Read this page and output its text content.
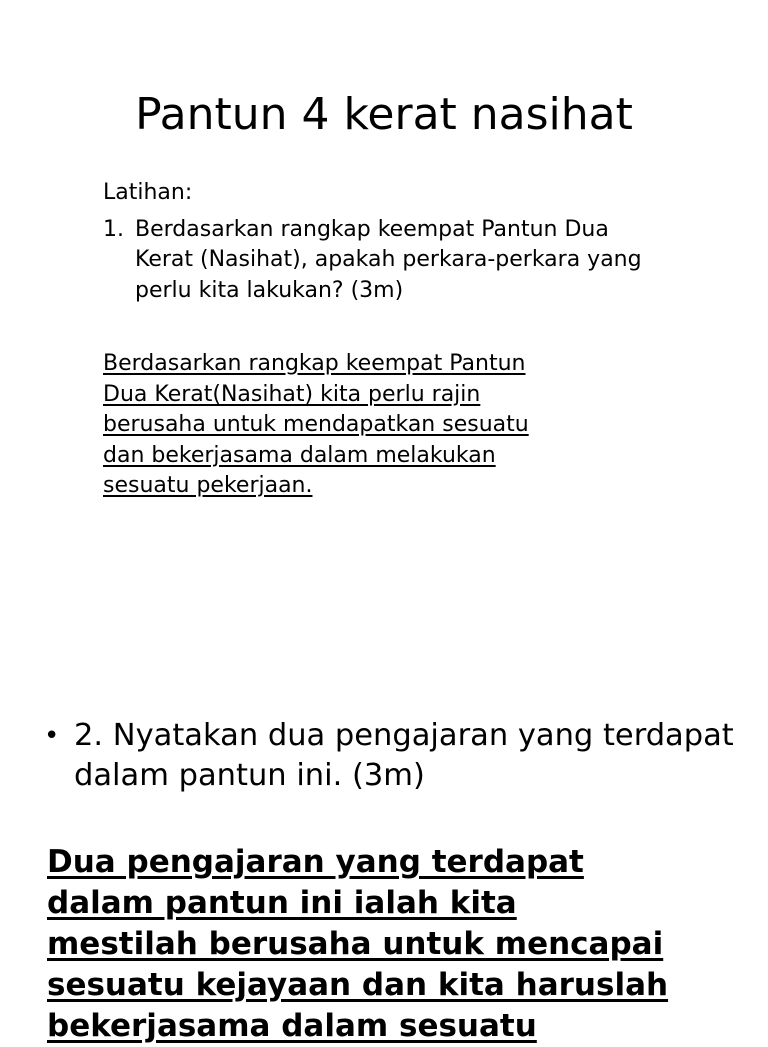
Pantun 4 kerat nasihat
Latihan:
1. Berdasarkan rangkap keempat Pantun Dua Kerat (Nasihat), apakah perkara-perkara yang perlu kita lakukan? (3m)
Berdasarkan rangkap keempat Pantun
Dua Kerat(Nasihat) kita perlu rajin
berusaha untuk mendapatkan sesuatu
dan bekerjasama dalam melakukan
sesuatu pekerjaan.
• 2. Nyatakan dua pengajaran yang terdapat dalam pantun ini. (3m)
Dua pengajaran yang terdapat
dalam pantun ini ialah kita
mestilah berusaha untuk mencapai
sesuatu kejayaan dan kita haruslah
bekerjasama dalam sesuatu
